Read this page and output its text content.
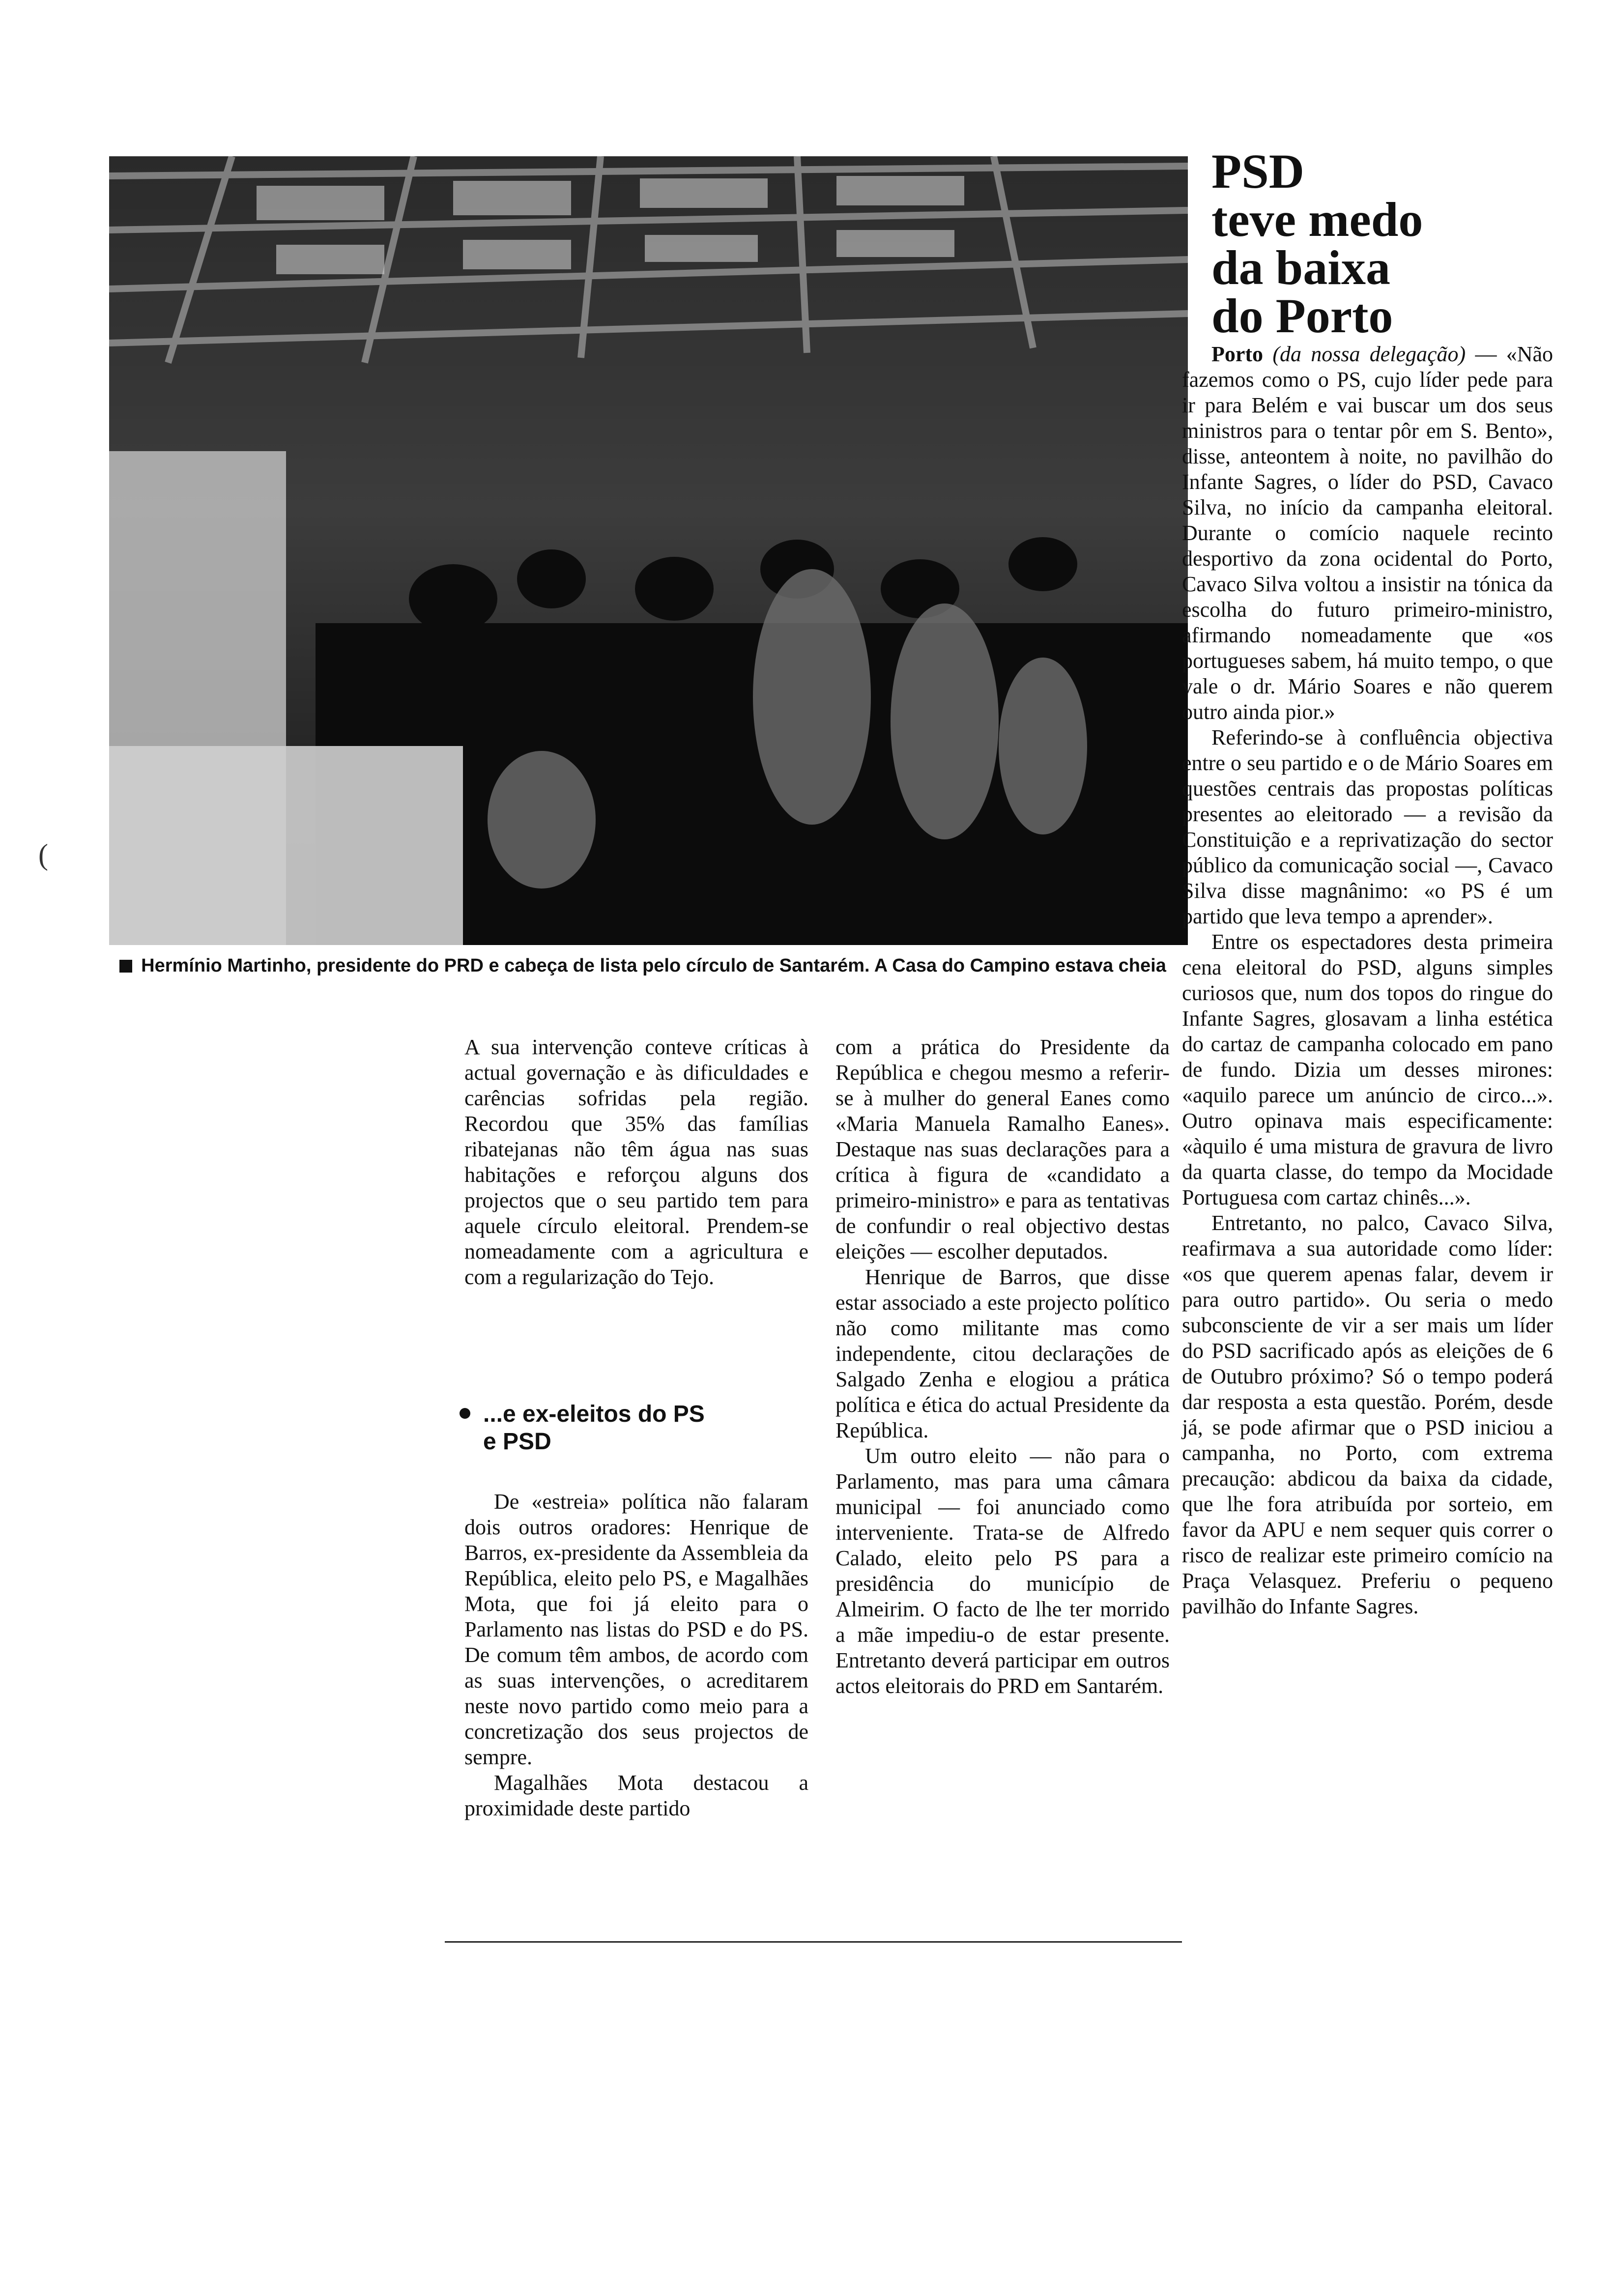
Hermínio Martinho, presidente do PRD e cabeça de lista pelo círculo de Santarém. A Casa do Campino estava cheia
PSD
teve medo
da baixa
do Porto

A sua intervenção conteve críticas à actual governação e às dificuldades e carências sofridas pela região. Recordou que 35% das famílias ribatejanas não têm água nas suas habitações e reforçou alguns dos projectos que o seu partido tem para aquele círculo eleitoral. Prendem-se nomeadamente com a agricultura e com a regularização do Tejo.

...e ex-eleitos do PS
e PSD

De «estreia» política não falaram dois outros oradores: Henrique de Barros, ex-presidente da Assembleia da República, eleito pelo PS, e Magalhães Mota, que foi já eleito para o Parlamento nas listas do PSD e do PS. De comum têm ambos, de acordo com as suas intervenções, o acreditarem neste novo partido como meio para a concretização dos seus projectos de sempre.

Magalhães Mota destacou a proximidade deste partido

com a prática do Presidente da República e chegou mesmo a referir-se à mulher do general Eanes como «Maria Manuela Ramalho Eanes». Destaque nas suas declarações para a crítica à figura de «candidato a primeiro-ministro» e para as tentativas de confundir o real objectivo destas eleições — escolher deputados.

Henrique de Barros, que disse estar associado a este projecto político não como militante mas como independente, citou declarações de Salgado Zenha e elogiou a prática política e ética do actual Presidente da República.

Um outro eleito — não para o Parlamento, mas para uma câmara municipal — foi anunciado como interveniente. Trata-se de Alfredo Calado, eleito pelo PS para a presidência do município de Almeirim. O facto de lhe ter morrido a mãe impediu-o de estar presente. Entretanto deverá participar em outros actos eleitorais do PRD em Santarém.

Porto (da nossa delegação) — «Não fazemos como o PS, cujo líder pede para ir para Belém e vai buscar um dos seus ministros para o tentar pôr em S. Bento», disse, anteontem à noite, no pavilhão do Infante Sagres, o líder do PSD, Cavaco Silva, no início da campanha eleitoral. Durante o comício naquele recinto desportivo da zona ocidental do Porto, Cavaco Silva voltou a insistir na tónica da escolha do futuro primeiro-ministro, afirmando nomeadamente que «os portugueses sabem, há muito tempo, o que vale o dr. Mário Soares e não querem outro ainda pior.»

Referindo-se à confluência objectiva entre o seu partido e o de Mário Soares em questões centrais das propostas políticas presentes ao eleitorado — a revisão da Constituição e a reprivatização do sector público da comunicação social —, Cavaco Silva disse magnânimo: «o PS é um partido que leva tempo a aprender».

Entre os espectadores desta primeira cena eleitoral do PSD, alguns simples curiosos que, num dos topos do ringue do Infante Sagres, glosavam a linha estética do cartaz de campanha colocado em pano de fundo. Dizia um desses mirones: «aquilo parece um anúncio de circo...». Outro opinava mais especificamente: «àquilo é uma mistura de gravura de livro da quarta classe, do tempo da Mocidade Portuguesa com cartaz chinês...».

Entretanto, no palco, Cavaco Silva, reafirmava a sua autoridade como líder: «os que querem apenas falar, devem ir para outro partido». Ou seria o medo subconsciente de vir a ser mais um líder do PSD sacrificado após as eleições de 6 de Outubro próximo? Só o tempo poderá dar resposta a esta questão. Porém, desde já, se pode afirmar que o PSD iniciou a campanha, no Porto, com extrema precaução: abdicou da baixa da cidade, que lhe fora atribuída por sorteio, em favor da APU e nem sequer quis correr o risco de realizar este primeiro comício na Praça Velasquez. Preferiu o pequeno pavilhão do Infante Sagres.

(
